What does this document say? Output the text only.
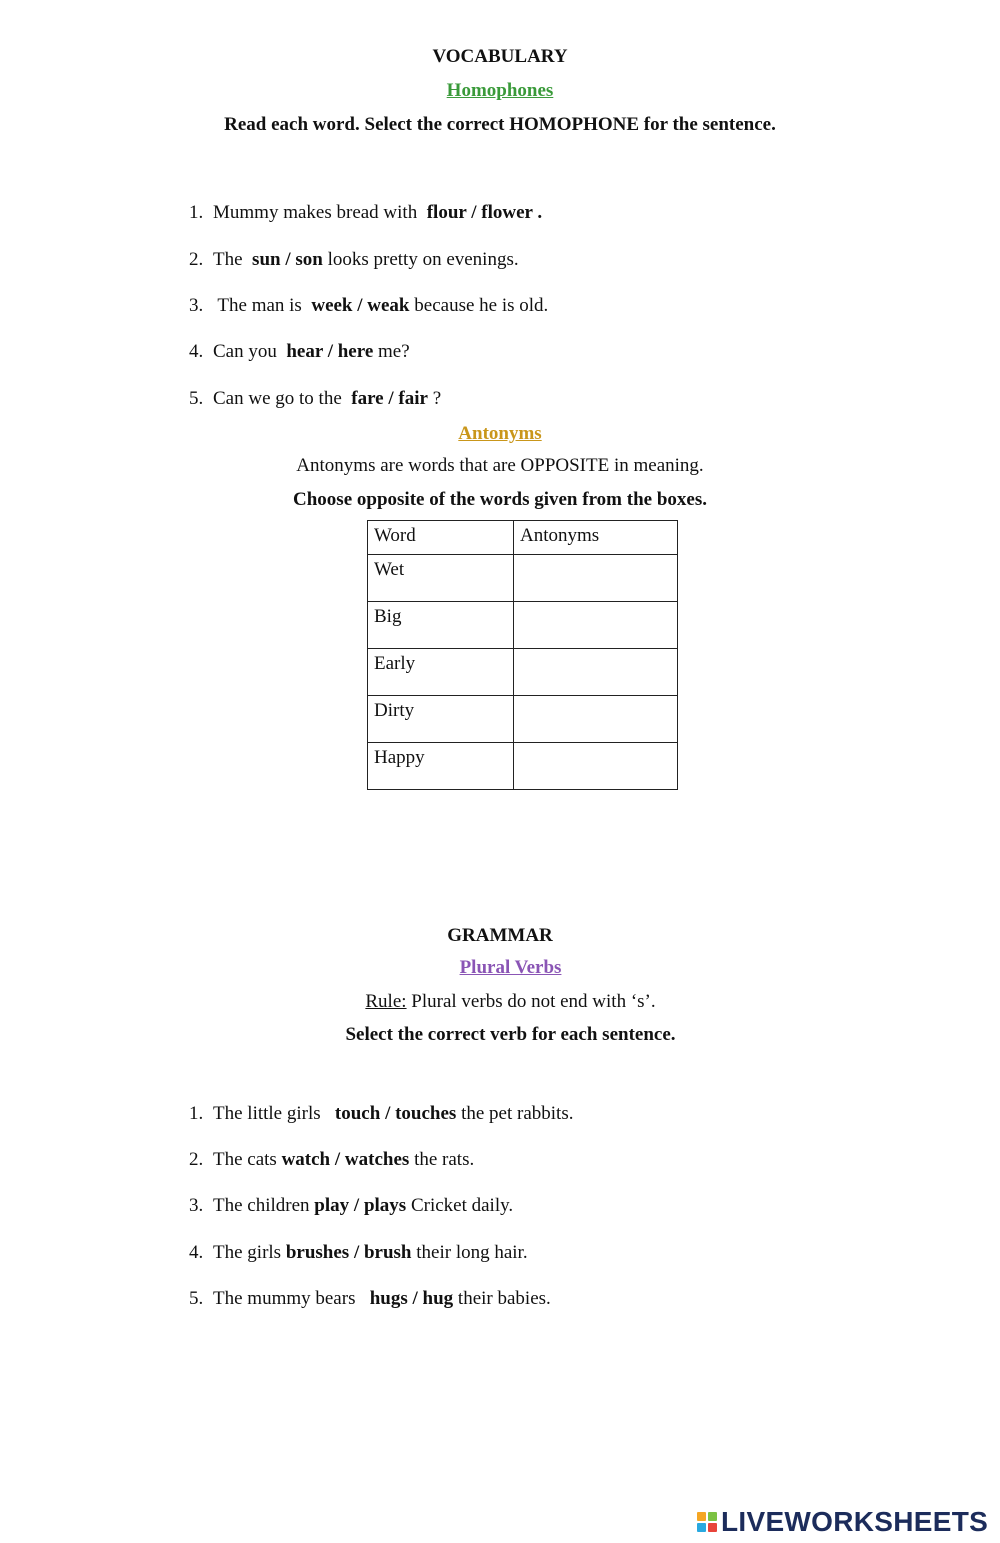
VOCABULARY
Homophones
Read each word. Select the correct HOMOPHONE for the sentence.

1. Mummy makes bread with  flour / flower .

2. The  sun / son looks pretty on evenings.

3. The man is  week / weak because he is old.

4. Can you  hear / here me?

5. Can we go to the  fare / fair ?

Antonyms
Antonyms are words that are OPPOSITE in meaning.
Choose opposite of the words given from the boxes.
Word	Antonyms
Wet	
Big	
Early	
Dirty	
Happy	
GRAMMAR
Plural Verbs
Rule: Plural verbs do not end with ‘s’.
Select the correct verb for each sentence.

1. The little girls   touch / touches the pet rabbits.

2. The cats watch / watches the rats.

3. The children play / plays Cricket daily.

4. The girls brushes / brush their long hair.

5. The mummy bears   hugs / hug their babies.

LIVEWORKSHEETS
